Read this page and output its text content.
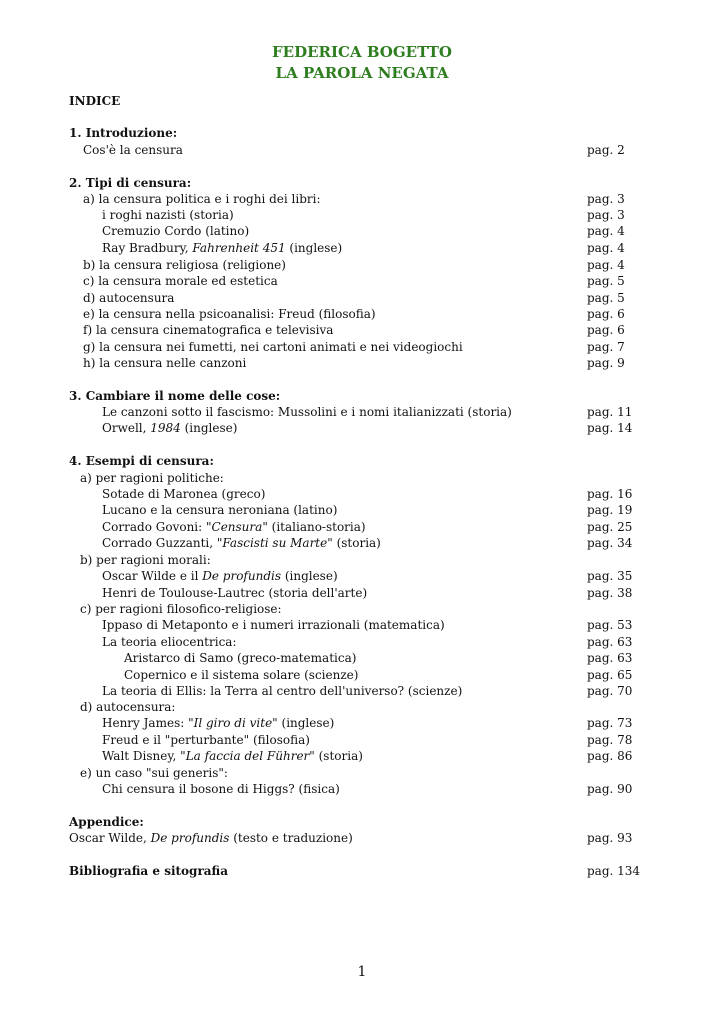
FEDERICA BOGETTO
LA PAROLA NEGATA
INDICE
1. Introduzione:
Cos'è la censura	pag. 2
2. Tipi di censura:
a) la censura politica e i roghi dei libri:	pag. 3
i roghi nazisti (storia)	pag. 3
Cremuzio Cordo (latino)	pag. 4
Ray Bradbury, Fahrenheit 451 (inglese)	pag. 4
b) la censura religiosa (religione)	pag. 4
c) la censura morale ed estetica	pag. 5
d) autocensura	pag. 5
e) la censura nella psicoanalisi: Freud (filosofia)	pag. 6
f) la censura cinematografica e televisiva	pag. 6
g) la censura nei fumetti, nei cartoni animati e nei videogiochi	pag. 7
h) la censura nelle canzoni	pag. 9
3. Cambiare il nome delle cose:
Le canzoni sotto il fascismo: Mussolini e i nomi italianizzati (storia)	pag. 11
Orwell, 1984 (inglese)	pag. 14
4. Esempi di censura:
a) per ragioni politiche:
Sotade di Maronea (greco)	pag. 16
Lucano e la censura neroniana (latino)	pag. 19
Corrado Govoni: "Censura" (italiano-storia)	pag. 25
Corrado Guzzanti, "Fascisti su Marte" (storia)	pag. 34
b) per ragioni morali:
Oscar Wilde e il De profundis (inglese)	pag. 35
Henri de Toulouse-Lautrec (storia dell'arte)	pag. 38
c) per ragioni filosofico-religiose:
Ippaso di Metaponto e i numeri irrazionali (matematica)	pag. 53
La teoria eliocentrica:	pag. 63
Aristarco di Samo (greco-matematica)	pag. 63
Copernico e il sistema solare (scienze)	pag. 65
La teoria di Ellis: la Terra al centro dell'universo? (scienze)	pag. 70
d) autocensura:
Henry James: "Il giro di vite" (inglese)	pag. 73
Freud e il "perturbante" (filosofia)	pag. 78
Walt Disney, "La faccia del Führer" (storia)	pag. 86
e) un caso "sui generis":
Chi censura il bosone di Higgs? (fisica)	pag. 90
Appendice:
Oscar Wilde, De profundis (testo e traduzione)	pag. 93
Bibliografia e sitografia	pag. 134
1
